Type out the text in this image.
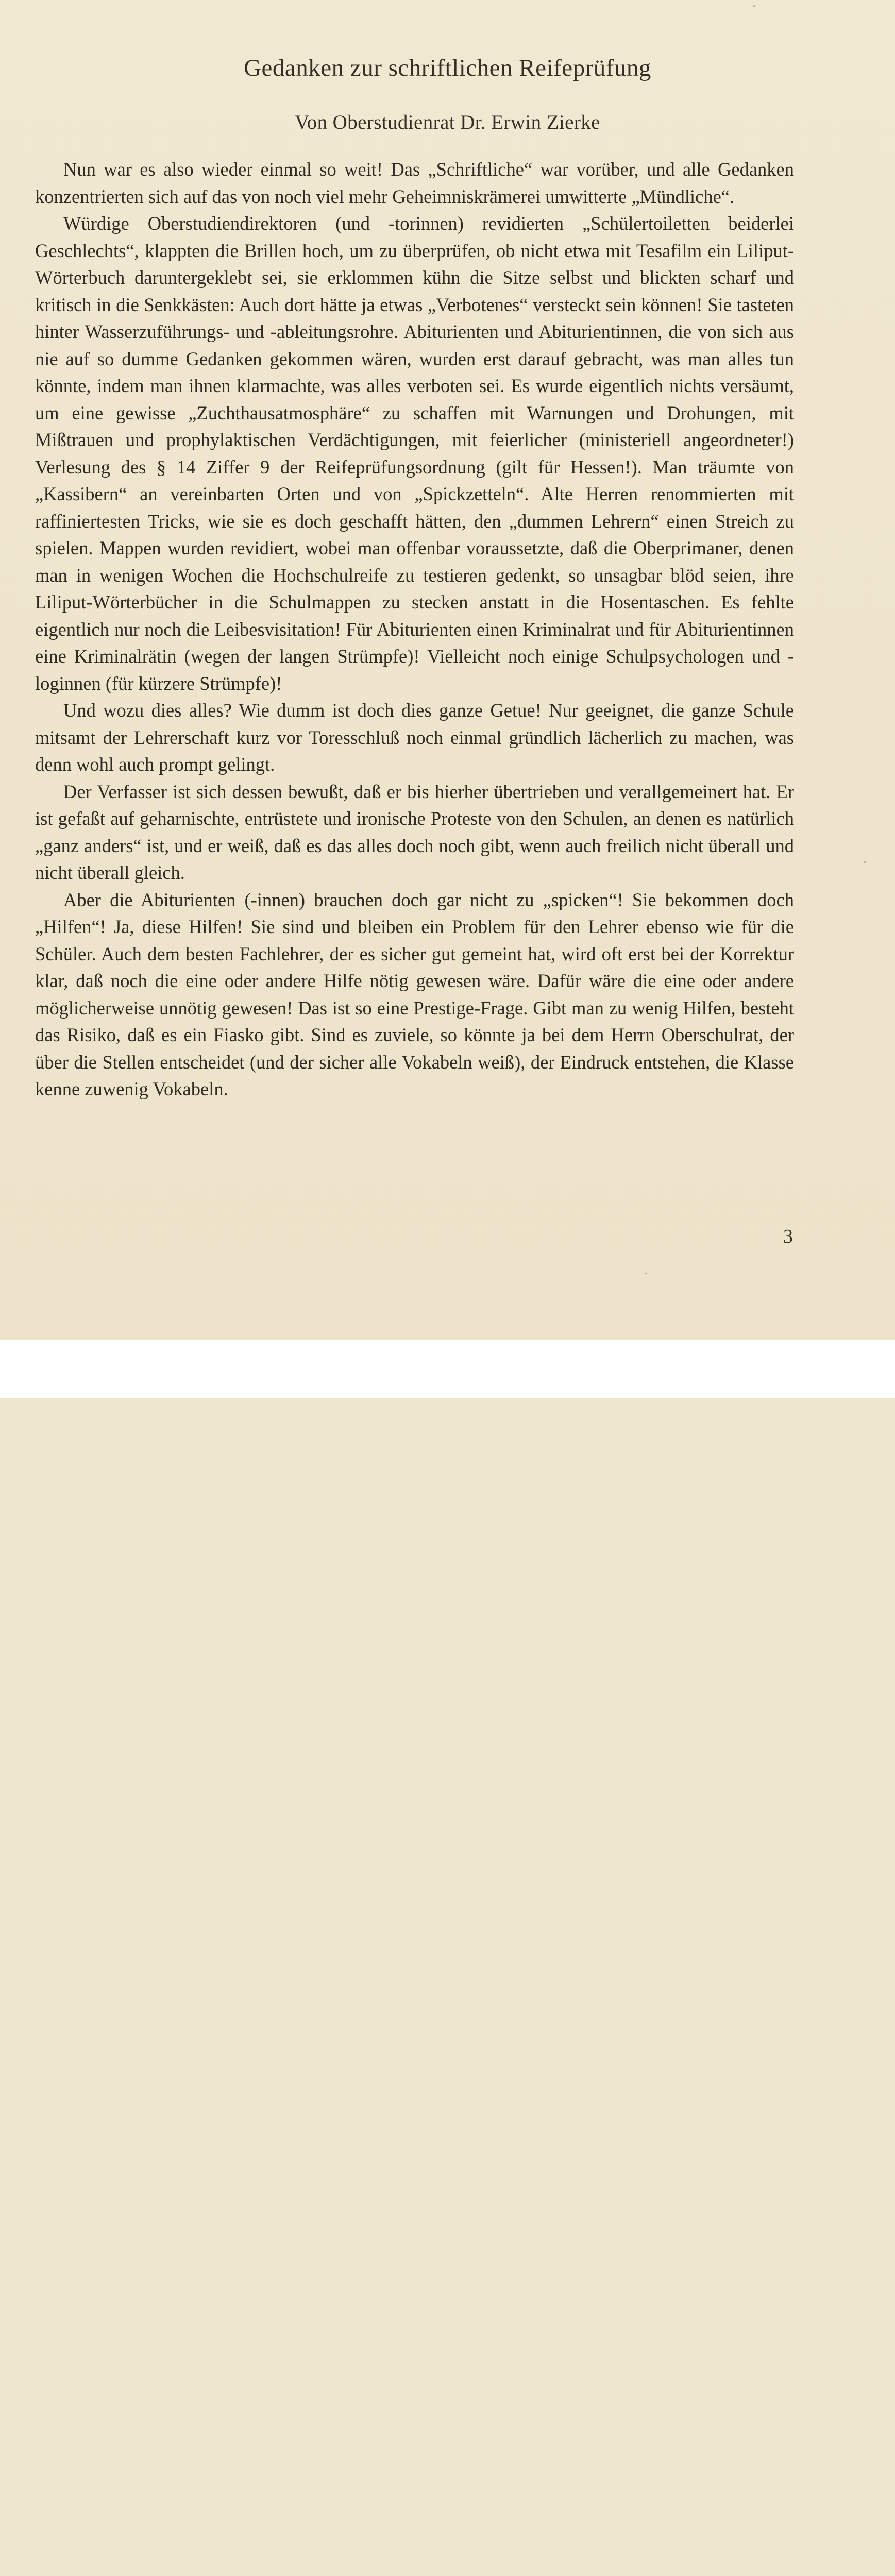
Gedanken zur schriftlichen Reifeprüfung
Von Oberstudienrat Dr. Erwin Zierke

Nun war es also wieder einmal so weit! Das „Schriftliche“ war vorüber, und alle Gedanken konzentrierten sich auf das von noch viel mehr Geheimniskrämerei umwitterte „Mündliche“.

Würdige Oberstudiendirektoren (und -torinnen) revidierten „Schülertoiletten beiderlei Geschlechts“, klappten die Brillen hoch, um zu überprüfen, ob nicht etwa mit Tesafilm ein Liliput-Wörterbuch daruntergeklebt sei, sie erklommen kühn die Sitze selbst und blickten scharf und kritisch in die Senkkästen: Auch dort hätte ja etwas „Verbotenes“ versteckt sein können! Sie tasteten hinter Wasserzuführungs- und -ableitungsrohre. Abiturienten und Abiturientinnen, die von sich aus nie auf so dumme Gedanken gekommen wären, wurden erst darauf gebracht, was man alles tun könnte, indem man ihnen klarmachte, was alles verboten sei. Es wurde eigentlich nichts versäumt, um eine gewisse „Zuchthausatmosphäre“ zu schaffen mit Warnungen und Drohungen, mit Mißtrauen und prophylaktischen Verdächtigungen, mit feierlicher (ministeriell angeordneter!) Verlesung des § 14 Ziffer 9 der Reifeprüfungsordnung (gilt für Hessen!). Man träumte von „Kassibern“ an vereinbarten Orten und von „Spickzetteln“. Alte Herren renommierten mit raffiniertesten Tricks, wie sie es doch geschafft hätten, den „dummen Lehrern“ einen Streich zu spielen. Mappen wurden revidiert, wobei man offenbar voraussetzte, daß die Oberprimaner, denen man in wenigen Wochen die Hochschulreife zu testieren gedenkt, so unsagbar blöd seien, ihre Liliput-Wörterbücher in die Schulmappen zu stecken anstatt in die Hosentaschen. Es fehlte eigentlich nur noch die Leibesvisitation! Für Abiturienten einen Kriminalrat und für Abiturientinnen eine Kriminalrätin (wegen der langen Strümpfe)! Vielleicht noch einige Schulpsychologen und -loginnen (für kürzere Strümpfe)!

Und wozu dies alles? Wie dumm ist doch dies ganze Getue! Nur geeignet, die ganze Schule mitsamt der Lehrerschaft kurz vor Toresschluß noch einmal gründlich lächerlich zu machen, was denn wohl auch prompt gelingt.

Der Verfasser ist sich dessen bewußt, daß er bis hierher übertrieben und verallgemeinert hat. Er ist gefaßt auf geharnischte, entrüstete und ironische Proteste von den Schulen, an denen es natürlich „ganz anders“ ist, und er weiß, daß es das alles doch noch gibt, wenn auch freilich nicht überall und nicht überall gleich.

Aber die Abiturienten (-innen) brauchen doch gar nicht zu „spicken“! Sie bekommen doch „Hilfen“! Ja, diese Hilfen! Sie sind und bleiben ein Problem für den Lehrer ebenso wie für die Schüler. Auch dem besten Fachlehrer, der es sicher gut gemeint hat, wird oft erst bei der Korrektur klar, daß noch die eine oder andere Hilfe nötig gewesen wäre. Dafür wäre die eine oder andere möglicherweise unnötig gewesen! Das ist so eine Prestige-Frage. Gibt man zu wenig Hilfen, besteht das Risiko, daß es ein Fiasko gibt. Sind es zuviele, so könnte ja bei dem Herrn Oberschulrat, der über die Stellen entscheidet (und der sicher alle Vokabeln weiß), der Eindruck entstehen, die Klasse kenne zuwenig Vokabeln.

3
